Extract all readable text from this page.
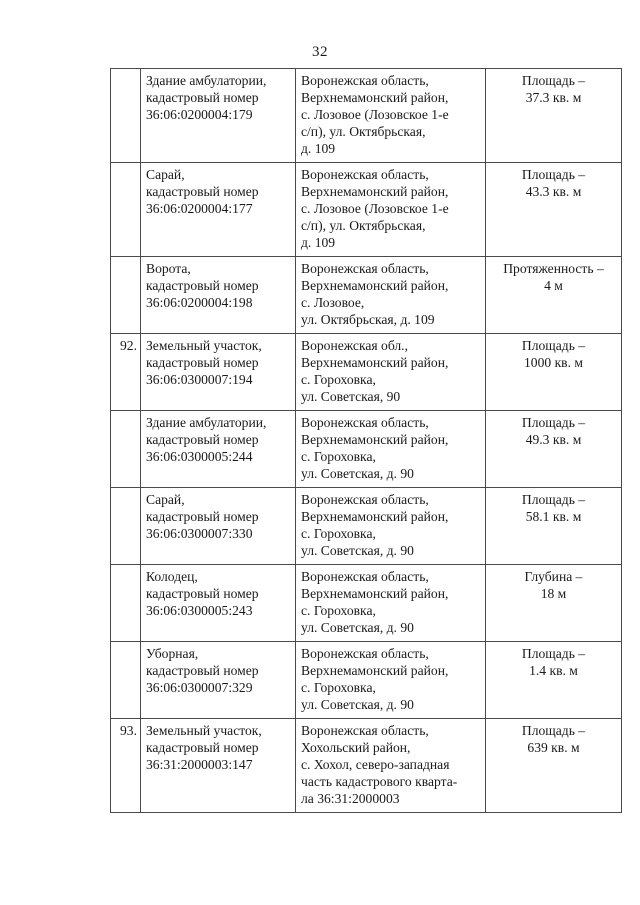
32

	Здание амбулатории,
кадастровый номер
36:06:0200004:179	Воронежская область,
Верхнемамонский район,
с. Лозовое (Лозовское 1-е
с/п), ул. Октябрьская,
д. 109	Площадь –
37.3 кв. м

	Сарай,
кадастровый номер
36:06:0200004:177	Воронежская область,
Верхнемамонский район,
с. Лозовое (Лозовское 1-е
с/п), ул. Октябрьская,
д. 109	Площадь –
43.3 кв. м

	Ворота,
кадастровый номер
36:06:0200004:198	Воронежская область,
Верхнемамонский район,
с. Лозовое,
ул. Октябрьская, д. 109	Протяженность –
4 м

92.	Земельный участок,
кадастровый номер
36:06:0300007:194	Воронежская обл.,
Верхнемамонский район,
с. Гороховка,
ул. Советская, 90	Площадь –
1000 кв. м

	Здание амбулатории,
кадастровый номер
36:06:0300005:244	Воронежская область,
Верхнемамонский район,
с. Гороховка,
ул. Советская, д. 90	Площадь –
49.3 кв. м

	Сарай,
кадастровый номер
36:06:0300007:330	Воронежская область,
Верхнемамонский район,
с. Гороховка,
ул. Советская, д. 90	Площадь –
58.1 кв. м

	Колодец,
кадастровый номер
36:06:0300005:243	Воронежская область,
Верхнемамонский район,
с. Гороховка,
ул. Советская, д. 90	Глубина –
18 м

	Уборная,
кадастровый номер
36:06:0300007:329	Воронежская область,
Верхнемамонский район,
с. Гороховка,
ул. Советская, д. 90	Площадь –
1.4 кв. м

93.	Земельный участок,
кадастровый номер
36:31:2000003:147	Воронежская область,
Хохольский район,
с. Хохол, северо-западная
часть кадастрового кварта-
ла 36:31:2000003	Площадь –
639 кв. м
